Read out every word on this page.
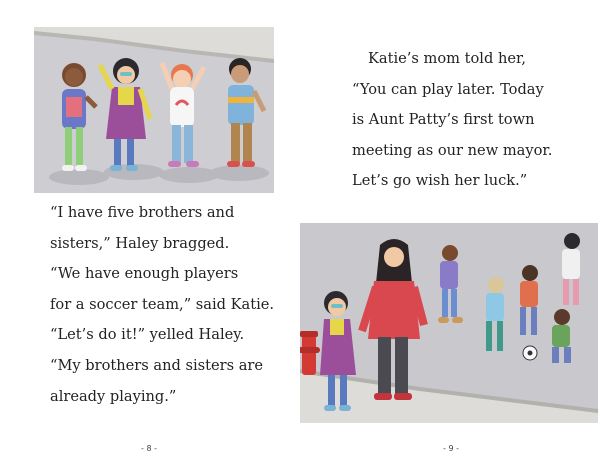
“I have five brothers and
sisters,” Haley bragged.
“We have enough players
for a soccer team,” said Katie.
“Let’s do it!” yelled Haley.
“My brothers and sisters are
already playing.”
- 8 -
Katie’s mom told her,
“You can play later. Today
is Aunt Patty’s first town
meeting as our new mayor.
Let’s go wish her luck.”
- 9 -
